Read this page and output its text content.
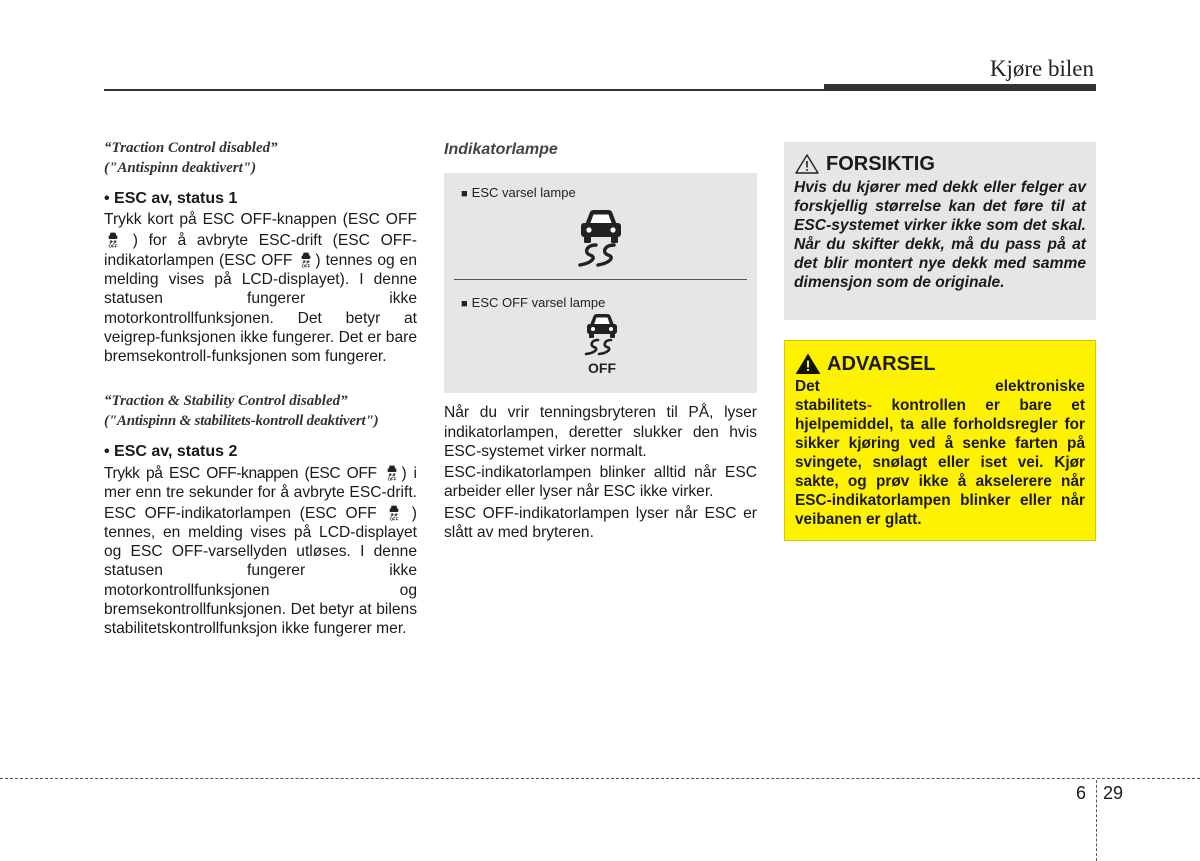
Kjøre bilen
“Traction Control disabled”
("Antispinn deaktivert")
• ESC av, status 1
Trykk kort på ESC OFF-knappen (ESC OFF
OFF ) for å avbryte ESC-drift (ESC OFF-indikatorlampen (ESC OFF OFF ) tennes og en melding vises på LCD-displayet). I denne statusen fungerer ikke motorkontrollfunksjonen. Det betyr at veigrep-funksjonen ikke fungerer. Det er bare bremsekontroll-funksjonen som fungerer.
“Traction & Stability Control disabled”
("Antispinn & stabilitets-kontroll deaktivert")
• ESC av, status 2
Trykk på ESC OFF-knappen (ESC OFF	OFF ) i mer enn tre sekunder for å avbryte ESC-drift. ESC OFF-indikatorlampen (ESC OFF	OFF ) tennes, en melding vises på LCD-displayet og ESC OFF-varsellyden utløses. I denne statusen fungerer ikke motorkontrollfunksjonen og bremsekontrollfunksjonen. Det betyr at bilens stabilitetskontrollfunksjon ikke fungerer mer.
Indikatorlampe
■ ESC varsel lampe
■ ESC OFF varsel lampe
OFF
Når du vrir tenningsbryteren til PÅ, lyser indikatorlampen, deretter slukker den hvis ESC-systemet virker normalt.
ESC-indikatorlampen blinker alltid når ESC arbeider eller lyser når ESC ikke virker.
ESC OFF-indikatorlampen lyser når ESC er slått av med bryteren.
FORSIKTIG
Hvis du kjører med dekk eller felger av forskjellig størrelse kan det føre til at ESC-systemet virker ikke som det skal. Når du skifter dekk, må du pass på at det blir montert nye dekk med samme dimensjon som de originale.
ADVARSEL
Det elektroniske stabilitets- kontrollen er bare et hjelpemiddel, ta alle forholdsregler for sikker kjøring ved å senke farten på svingete, snølagt eller iset vei. Kjør sakte, og prøv ikke å akselerere når ESC-indikatorlampen blinker eller når veibanen er glatt.
6 29
